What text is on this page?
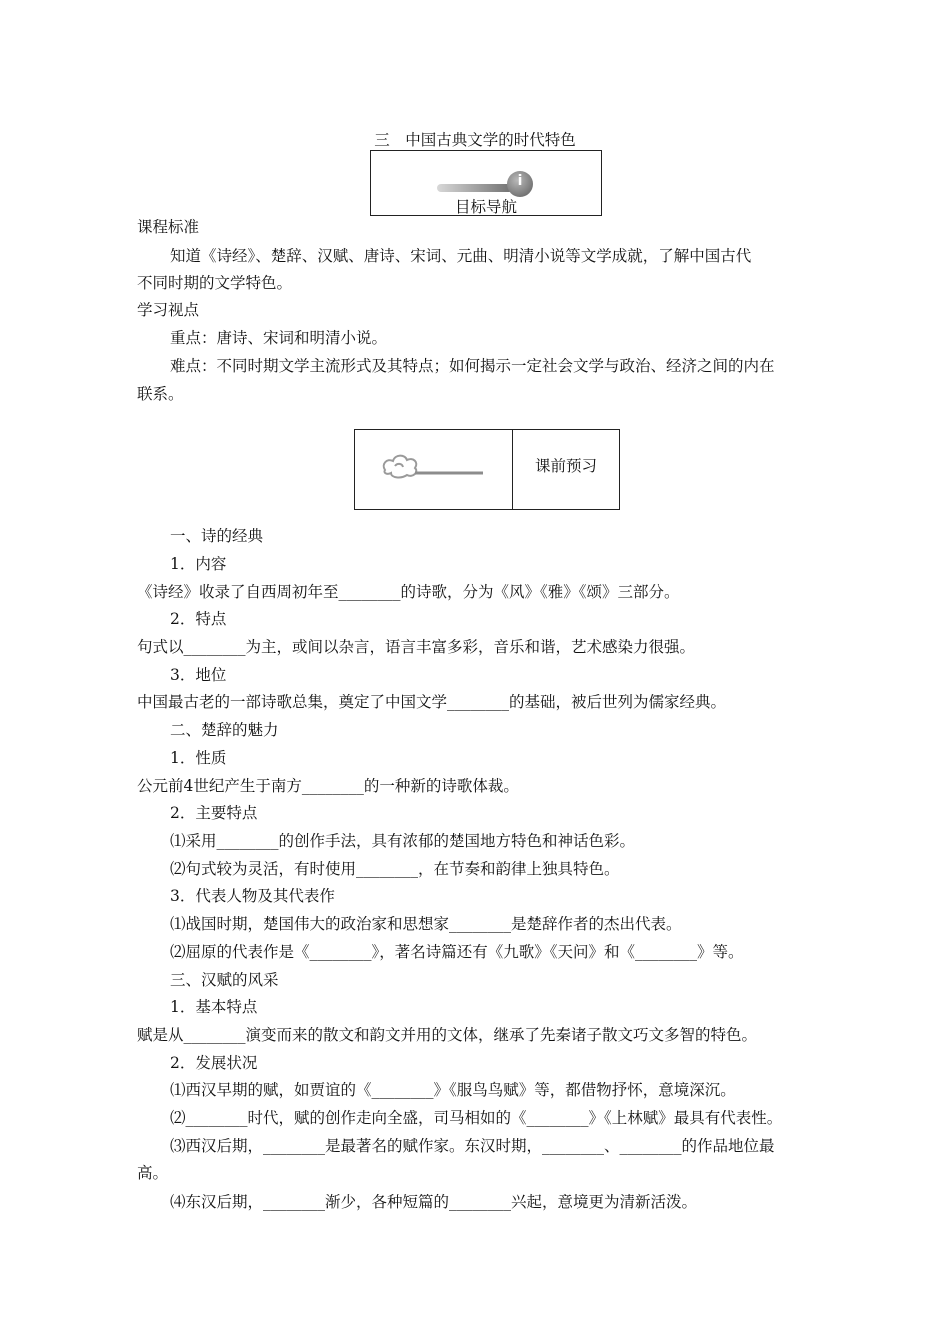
三　中国古典文学的时代特色
i
目标导航
课程标准
知道《诗经》、楚辞、汉赋、唐诗、宋词、元曲、明清小说等文学成就，了解中国古代
不同时期的文学特色。
学习视点
重点：唐诗、宋词和明清小说。
难点：不同时期文学主流形式及其特点；如何揭示一定社会文学与政治、经济之间的内在
联系。
课前预习
一、诗的经典
1．内容
《诗经》收录了自西周初年至________的诗歌，分为《风》《雅》《颂》三部分。
2．特点
句式以________为主，或间以杂言，语言丰富多彩，音乐和谐，艺术感染力很强。
3．地位
中国最古老的一部诗歌总集，奠定了中国文学________的基础，被后世列为儒家经典。
二、楚辞的魅力
1．性质
公元前4世纪产生于南方________的一种新的诗歌体裁。
2．主要特点
⑴采用________的创作手法，具有浓郁的楚国地方特色和神话色彩。
⑵句式较为灵活，有时使用________，在节奏和韵律上独具特色。
3．代表人物及其代表作
⑴战国时期，楚国伟大的政治家和思想家________是楚辞作者的杰出代表。
⑵屈原的代表作是《________》，著名诗篇还有《九歌》《天问》和《________》等。
三、汉赋的风采
1．基本特点
赋是从________演变而来的散文和韵文并用的文体，继承了先秦诸子散文巧文多智的特色。
2．发展状况
⑴西汉早期的赋，如贾谊的《________》《服鸟鸟赋》等，都借物抒怀，意境深沉。
⑵________时代，赋的创作走向全盛，司马相如的《________》《上林赋》最具有代表性。
⑶西汉后期，________是最著名的赋作家。东汉时期，________、________的作品地位最
高。
⑷东汉后期，________渐少，各种短篇的________兴起，意境更为清新活泼。
